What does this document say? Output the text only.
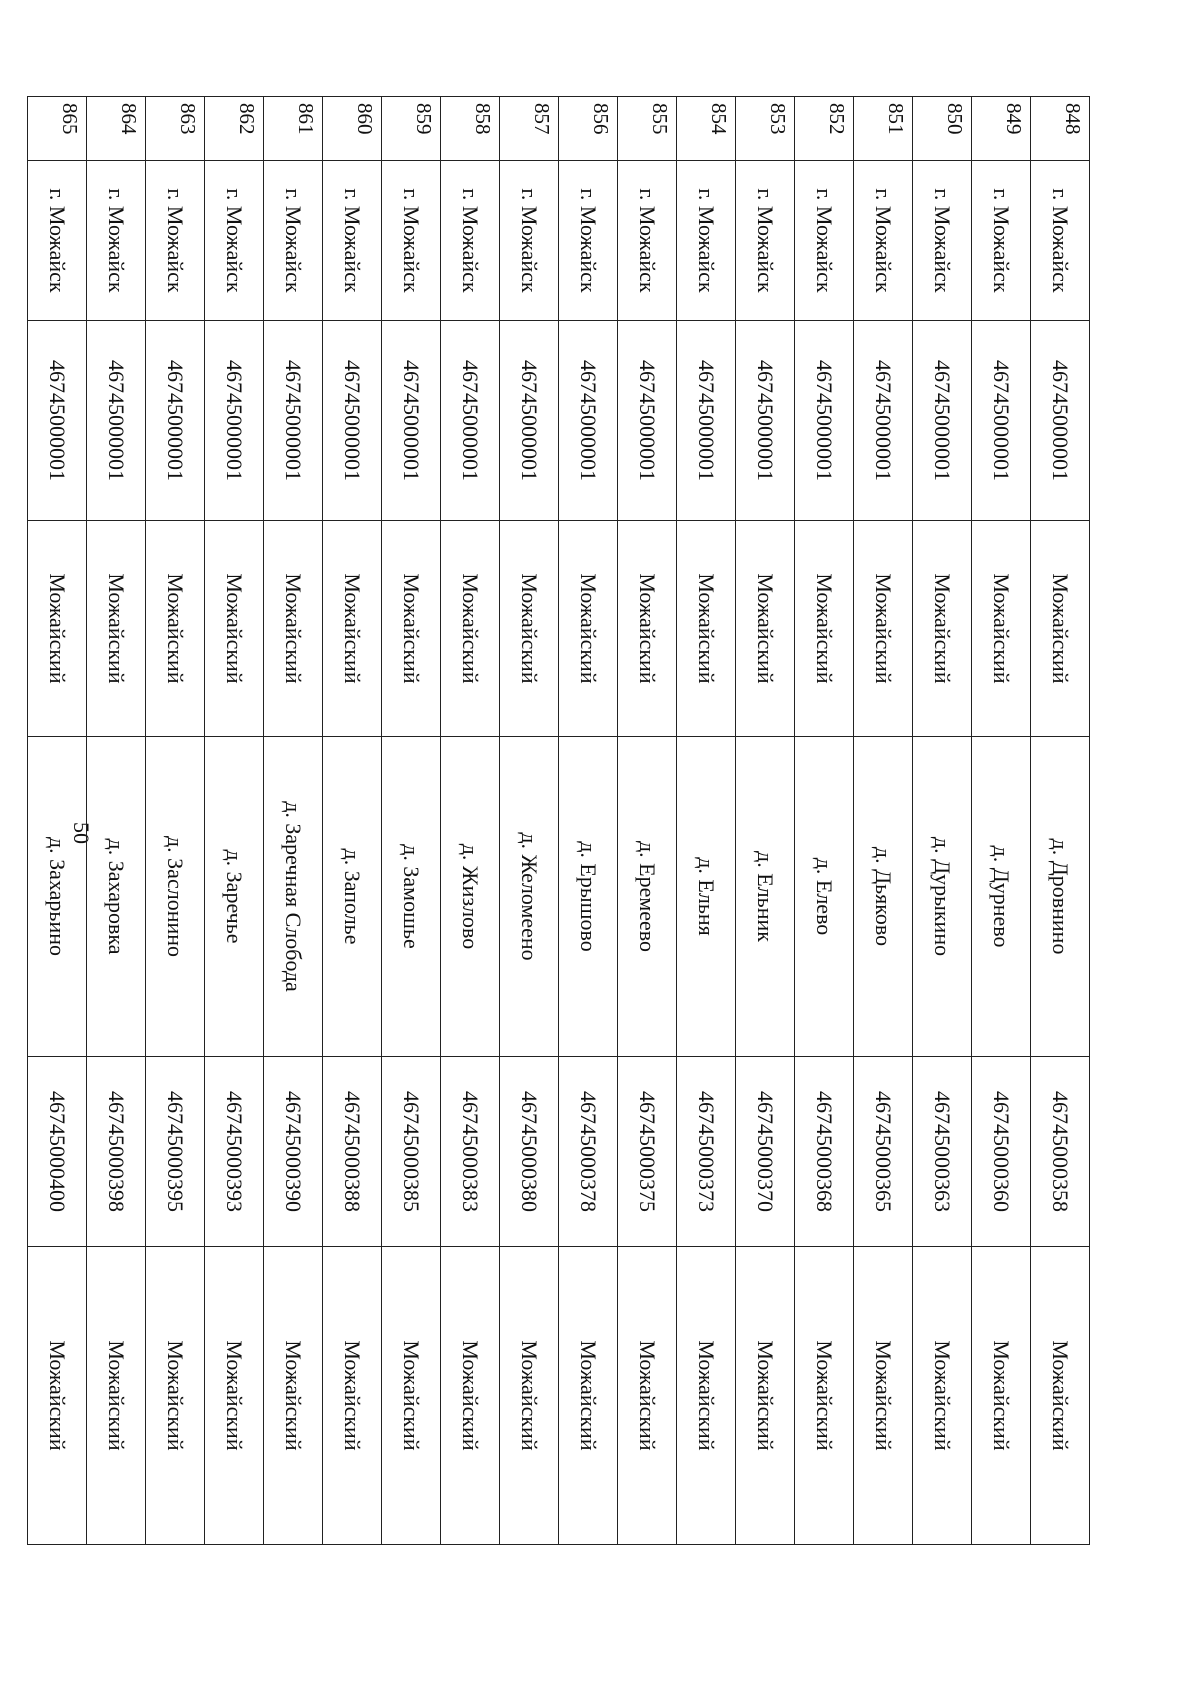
50
848	г. Можайск	46745000001	Можайский	д. Дровнино	46745000358	Можайский
849	г. Можайск	46745000001	Можайский	д. Дурнево	46745000360	Можайский
850	г. Можайск	46745000001	Можайский	д. Дурыкино	46745000363	Можайский
851	г. Можайск	46745000001	Можайский	д. Дьяково	46745000365	Можайский
852	г. Можайск	46745000001	Можайский	д. Елево	46745000368	Можайский
853	г. Можайск	46745000001	Можайский	д. Ельник	46745000370	Можайский
854	г. Можайск	46745000001	Можайский	д. Ельня	46745000373	Можайский
855	г. Можайск	46745000001	Можайский	д. Еремеево	46745000375	Можайский
856	г. Можайск	46745000001	Можайский	д. Ерышово	46745000378	Можайский
857	г. Можайск	46745000001	Можайский	д. Желомеено	46745000380	Можайский
858	г. Можайск	46745000001	Можайский	д. Жизлово	46745000383	Можайский
859	г. Можайск	46745000001	Можайский	д. Замошье	46745000385	Можайский
860	г. Можайск	46745000001	Можайский	д. Заполье	46745000388	Можайский
861	г. Можайск	46745000001	Можайский	д. Заречная Слобода	46745000390	Можайский
862	г. Можайск	46745000001	Можайский	д. Заречье	46745000393	Можайский
863	г. Можайск	46745000001	Можайский	д. Заслонино	46745000395	Можайский
864	г. Можайск	46745000001	Можайский	д. Захаровка	46745000398	Можайский
865	г. Можайск	46745000001	Можайский	д. Захарьино	46745000400	Можайский
